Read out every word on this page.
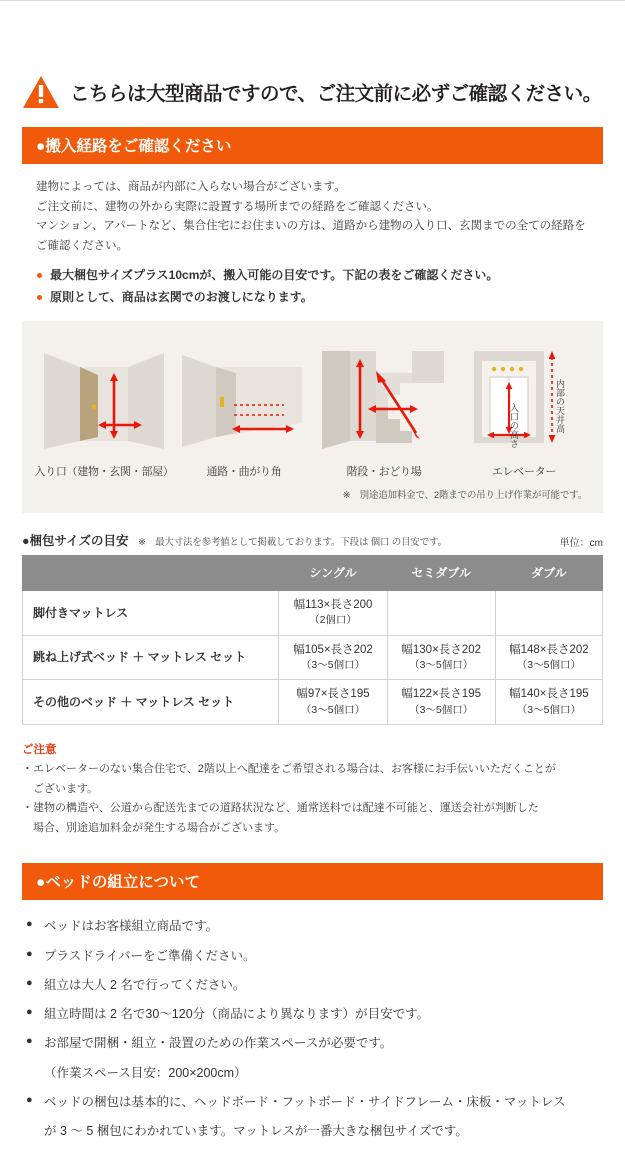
こちらは大型商品ですので、ご注文前に必ずご確認ください。
●搬入経路をご確認ください

建物によっては、商品が内部に入らない場合がございます。

ご注文前に、建物の外から実際に設置する場所までの経路をご確認ください。

マンション、アパートなど、集合住宅にお住まいの方は、道路から建物の入り口、玄関までの全ての経路を

ご確認ください。

最大梱包サイズプラス10cmが、搬入可能の目安です。下記の表をご確認ください。
原則として、商品は玄関でのお渡しになります。
入り口（建物・玄関・部屋）	通路・曲がり角	階段・おどり場
内部の天井高
入口の高さ
エレベーター
※　別途追加料金で、2階までの吊り上げ作業が可能です。
●梱包サイズの目安 ※　最大寸法を参考値として掲載しております。下段は 個口 の目安です。	単位：cm
	シングル	セミダブル	ダブル
脚付きマットレス	幅113×長さ200
（2個口）		

跳ね上げ式ベッド ＋ マットレス セット	幅105×長さ202
（3〜5個口）	幅130×長さ202
（3〜5個口）	幅148×長さ202
（3〜5個口）

その他のベッド ＋ マットレス セット	幅97×長さ195
（3〜5個口）	幅122×長さ195
（3〜5個口）	幅140×長さ195
（3〜5個口）
ご注意

・エレベーターのない集合住宅で、2階以上へ配達をご希望される場合は、お客様にお手伝いいただくことが

　ございます。

・建物の構造や、公道から配送先までの道路状況など、通常送料では配達不可能と、運送会社が判断した

　場合、別途追加料金が発生する場合がございます。

●ベッドの組立について
● ベッドはお客様組立商品です。
● プラスドライバーをご準備ください。
● 組立は大人 2 名で行ってください。
● 組立時間は 2 名で30〜120分（商品により異なります）が目安です。
● お部屋で開梱・組立・設置のための作業スペースが必要です。
（作業スペース目安：200×200cm）
● ベッドの梱包は基本的に、ヘッドボード・フットボード・サイドフレーム・床板・マットレス
が 3 〜 5 梱包にわかれています。マットレスが一番大きな梱包サイズです。
